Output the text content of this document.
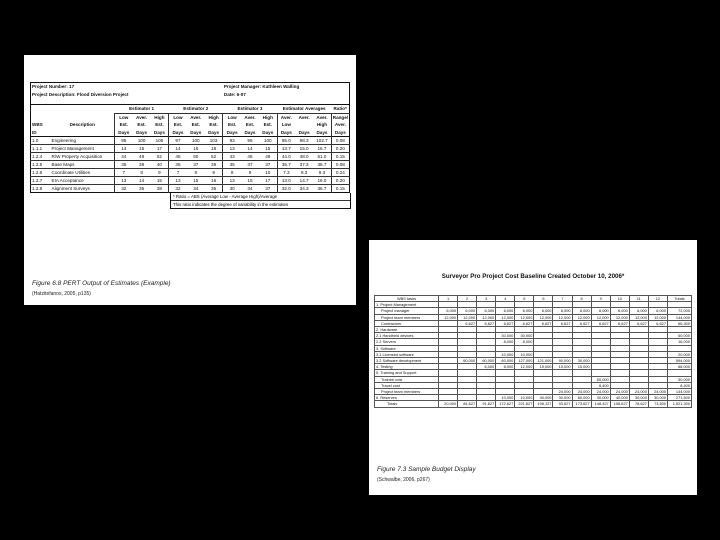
Project Number: 17								Project Manager: Kathleen Walling						
Project Description: Flood Diversion Project								Date: 6-07						

		Estimator 1			Estimator 2			Estimator 3			Estimator Averages			Ratio*
		Low	Aver.	High	Low	Aver.	High	Low	Aver.	High	Aver.	Aver.	Aver.	Range/
WBS	Description	Est.	Est.	Est.	Est.	Est.	Est.	Est.	Est.	Est.	Low		High	Aver.
ID		Days	Days	Days	Days	Days	Days	Days	Days	Days	Days	Days	Days	Days
1.0	Engineering	95	100	105	97	100	103	93	95	100	95.0	98.3	102.7	0.08
1.1.1	Project Management	14	15	17	14	16	18	13	14	15	13.7	15.0	16.7	0.20
1.2.4	R/W Property Acquisition	44	48	52	45	50	52	43	46	49	44.0	48.0	51.0	0.15
1.2.5	Base Maps	36	38	40	35	37	39	35	37	37	35.7	37.3	38.7	0.08
1.2.6	Coordinate Utilities	7	8	9	7	8	9	8	9	10	7.3	8.3	9.3	0.24
1.2.7	EIA Acceptance	13	14	15	13	15	16	13	15	17	13.0	14.7	16.0	0.20
1.2.8	Alignment Surveys	32	35	38	32	34	35	30	34	37	32.0	34.3	36.7	0.15
* Ratio = ABS (Average Low - Average High)/Average
This ratio indicates the degree of variability in the estimates
Figure 6.8 PERT Output of Estimates (Example)
(Hatzitefanos, 2005, p135)
Surveyor Pro Project Cost Baseline Created October 10, 2006*
WBS tasks	1	2	3	4	5	6	7	8	9	10	11	12	Totals
1. Project Management													
Project manager	6,000	6,000	6,000	6,000	6,000	6,000	6,000	6,000	6,000	6,000	6,000	6,000	72,000
Project team members	12,000	12,000	12,000	12,000	12,000	12,000	12,000	12,000	12,000	12,000	12,000	12,000	144,000
Contractors		6,627	6,627	6,627	6,627	6,627	6,627	6,627	6,627	6,627	6,627	6,627	66,300
2. Hardware													
2.1 Handheld devices				30,000	30,000								60,000
2.2 Servers				8,000	8,000								16,000
3. Software													
3.1 Licensed software				10,000	10,000								20,000
3.2 Software development		60,000	60,000	80,000	127,000	121,000	90,000	30,000					594,000
4. Testing			6,000	8,000	12,000	15,000	15,000	15,000					66,000
5. Training and Support													
Trainee cost									50,000				50,000
Travel cost									8,400				8,400
Project team members							24,000	24,000	24,000	24,000	24,000	24,000	144,000
6. Reserves				10,000	10,000	30,000	30,000	60,000	30,000	40,000	30,000	30,000	271,500
Totals	20,000	84,627	91,627	172,627	221,627	198,127	93,627	173,627	148,427	108,627	78,627	73,500	1,521,300
Figure 7.3 Sample Budget Display
(Schwalbe, 2006, p267)
